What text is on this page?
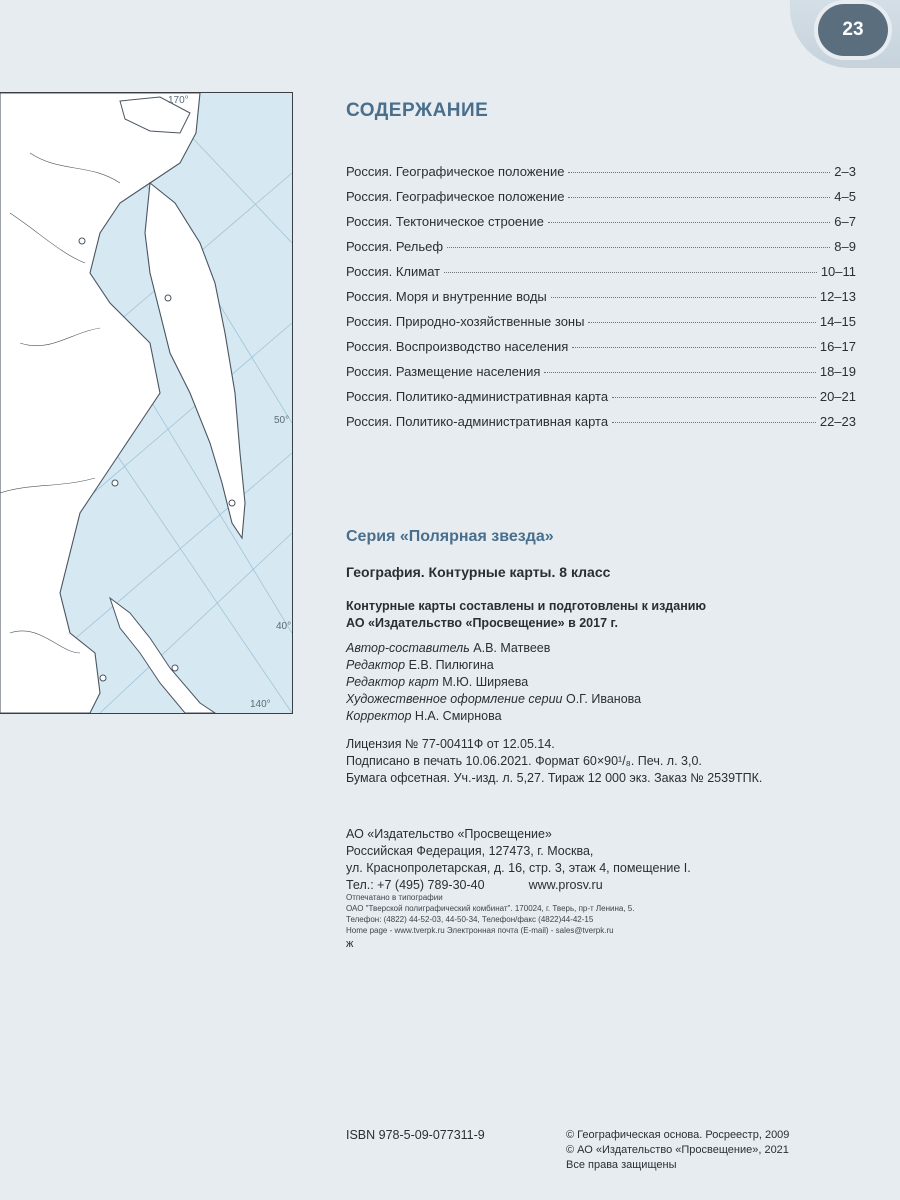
23
170°
50°
40°
140°
СОДЕРЖАНИЕ
Россия. Географическое положение	2–3
Россия. Географическое положение	4–5
Россия. Тектоническое строение	6–7
Россия. Рельеф	8–9
Россия. Климат	10–11
Россия. Моря и внутренние воды	12–13
Россия. Природно-хозяйственные зоны	14–15
Россия. Воспроизводство населения	16–17
Россия. Размещение населения	18–19
Россия. Политико-административная карта	20–21
Россия. Политико-административная карта	22–23
Серия «Полярная звезда»
География. Контурные карты. 8 класс
Контурные карты составлены и подготовлены к изданию
АО «Издательство «Просвещение» в 2017 г.
Автор-составитель А.В. Матвеев
Редактор Е.В. Пилюгина
Редактор карт М.Ю. Ширяева
Художественное оформление серии О.Г. Иванова
Корректор Н.А. Смирнова
Лицензия № 77-00411Ф от 12.05.14.
Подписано в печать 10.06.2021. Формат 60×90¹/₈. Печ. л. 3,0.
Бумага офсетная. Уч.-изд. л. 5,27. Тираж 12 000 экз. Заказ № 2539ТПК.
АО «Издательство «Просвещение»
Российская Федерация, 127473, г. Москва,
ул. Краснопролетарская, д. 16, стр. 3, этаж 4, помещение I.
Тел.: +7 (495) 789-30-40	www.prosv.ru
Отпечатано в типографии
ОАО "Тверской полиграфический комбинат". 170024, г. Тверь, пр-т Ленина, 5.
Телефон: (4822) 44-52-03, 44-50-34, Телефон/факс (4822)44-42-15
Home page - www.tverpk.ru Электронная почта (E-mail) - sales@tverpk.ru
ж
ISBN 978-5-09-077311-9	© Географическая основа. Росреестр, 2009
© АО «Издательство «Просвещение», 2021
Все права защищены
